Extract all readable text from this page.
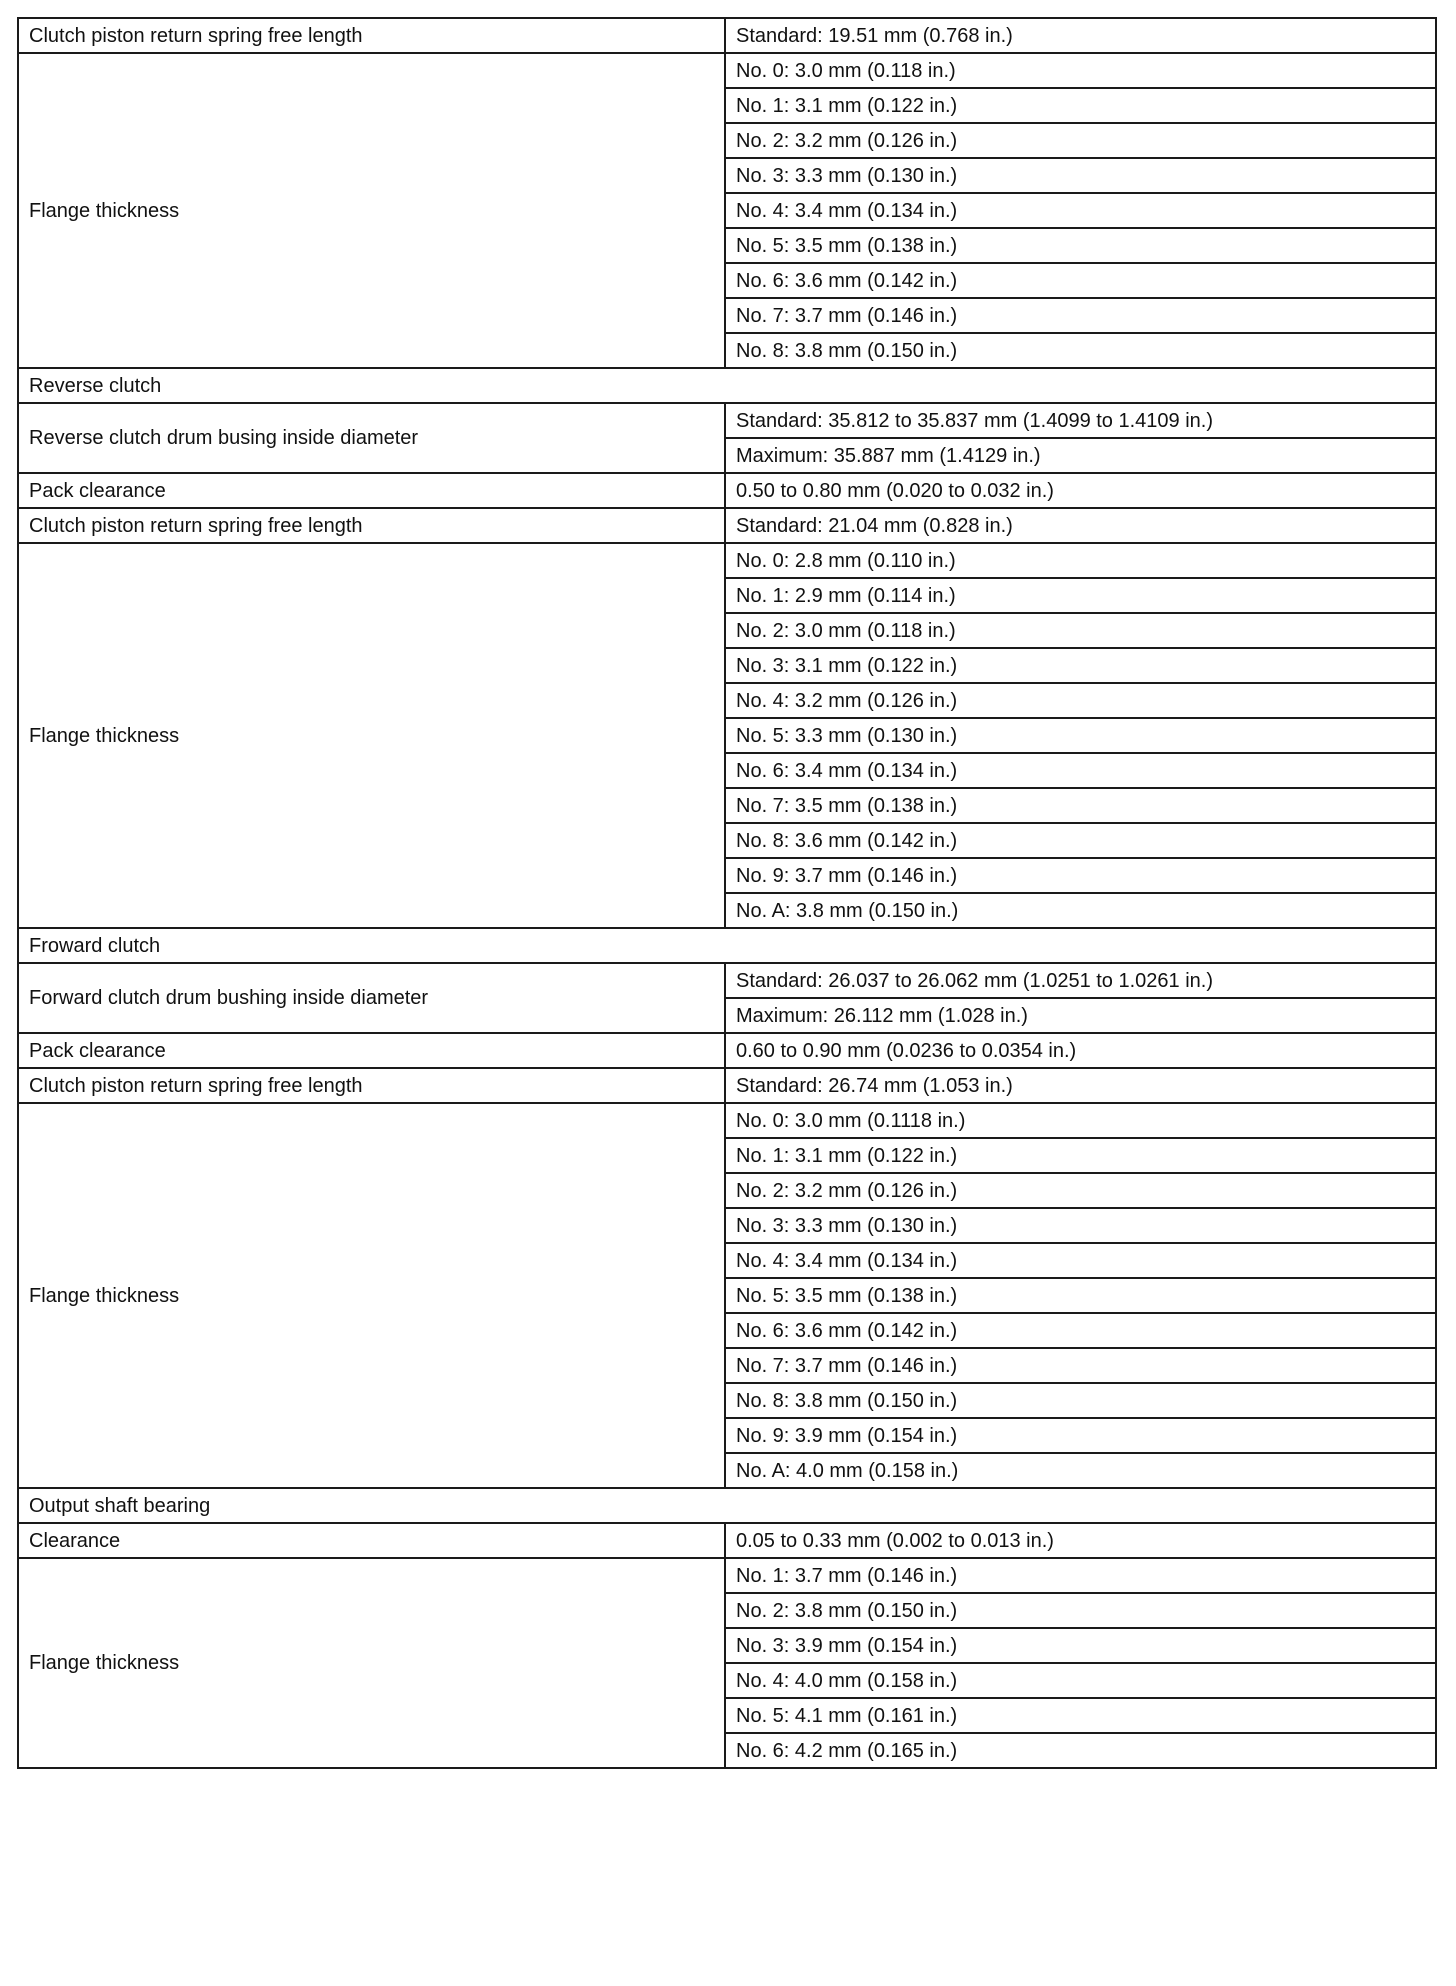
Clutch piston return spring free length	Standard: 19.51 mm (0.768 in.)
Flange thickness	No. 0: 3.0 mm (0.118 in.)
	No. 1: 3.1 mm (0.122 in.)
	No. 2: 3.2 mm (0.126 in.)
	No. 3: 3.3 mm (0.130 in.)
	No. 4: 3.4 mm (0.134 in.)
	No. 5: 3.5 mm (0.138 in.)
	No. 6: 3.6 mm (0.142 in.)
	No. 7: 3.7 mm (0.146 in.)
	No. 8: 3.8 mm (0.150 in.)
Reverse clutch	
Reverse clutch drum busing inside diameter	Standard: 35.812 to 35.837 mm (1.4099 to 1.4109 in.)
	Maximum: 35.887 mm (1.4129 in.)
Pack clearance	0.50 to 0.80 mm (0.020 to 0.032 in.)
Clutch piston return spring free length	Standard: 21.04 mm (0.828 in.)
Flange thickness	No. 0: 2.8 mm (0.110 in.)
	No. 1: 2.9 mm (0.114 in.)
	No. 2: 3.0 mm (0.118 in.)
	No. 3: 3.1 mm (0.122 in.)
	No. 4: 3.2 mm (0.126 in.)
	No. 5: 3.3 mm (0.130 in.)
	No. 6: 3.4 mm (0.134 in.)
	No. 7: 3.5 mm (0.138 in.)
	No. 8: 3.6 mm (0.142 in.)
	No. 9: 3.7 mm (0.146 in.)
	No. A: 3.8 mm (0.150 in.)
Froward clutch	
Forward clutch drum bushing inside diameter	Standard: 26.037 to 26.062 mm (1.0251 to 1.0261 in.)
	Maximum: 26.112 mm (1.028 in.)
Pack clearance	0.60 to 0.90 mm (0.0236 to 0.0354 in.)
Clutch piston return spring free length	Standard: 26.74 mm (1.053 in.)
Flange thickness	No. 0: 3.0 mm (0.1118 in.)
	No. 1: 3.1 mm (0.122 in.)
	No. 2: 3.2 mm (0.126 in.)
	No. 3: 3.3 mm (0.130 in.)
	No. 4: 3.4 mm (0.134 in.)
	No. 5: 3.5 mm (0.138 in.)
	No. 6: 3.6 mm (0.142 in.)
	No. 7: 3.7 mm (0.146 in.)
	No. 8: 3.8 mm (0.150 in.)
	No. 9: 3.9 mm (0.154 in.)
	No. A: 4.0 mm (0.158 in.)
Output shaft bearing	
Clearance	0.05 to 0.33 mm (0.002 to 0.013 in.)
Flange thickness	No. 1: 3.7 mm (0.146 in.)
	No. 2: 3.8 mm (0.150 in.)
	No. 3: 3.9 mm (0.154 in.)
	No. 4: 4.0 mm (0.158 in.)
	No. 5: 4.1 mm (0.161 in.)
	No. 6: 4.2 mm (0.165 in.)
